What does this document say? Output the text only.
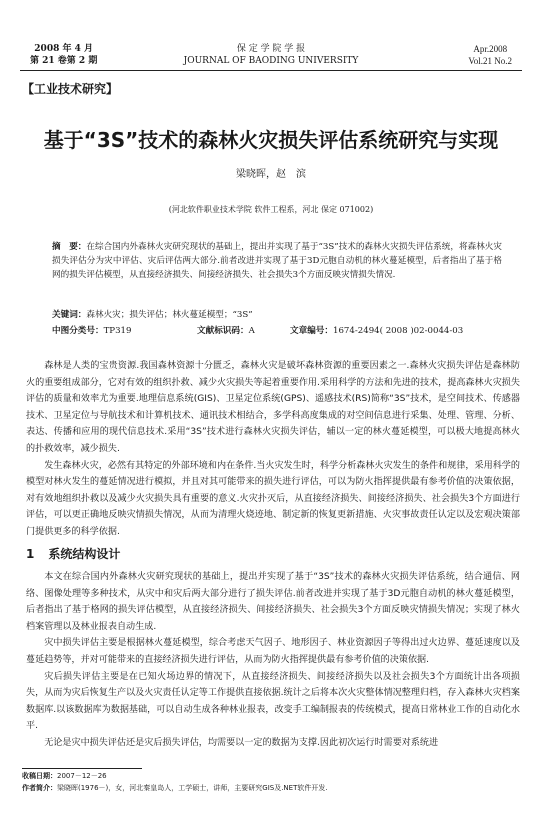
2008 年 4 月
第 21 卷第 2 期
保 定 学 院 学 报
JOURNAL OF BAODING UNIVERSITY
Apr.2008
Vol.21 No.2
【工业技术研究】
基于“3S”技术的森林火灾损失评估系统研究与实现
梁晓晖，赵　滨
(河北软件职业技术学院 软件工程系，河北 保定 071002)
摘　要：在综合国内外森林火灾研究现状的基础上，提出并实现了基于“3S”技术的森林火灾损失评估系统，将森林火灾损失评估分为灾中评估、灾后评估两大部分.前者改进并实现了基于3D元胞自动机的林火蔓延模型，后者指出了基于格网的损失评估模型，从直接经济损失、间接经济损失、社会损失3个方面反映灾情损失情况.
关键词：森林火灾；损失评估；林火蔓延模型；“3S”
中图分类号：TP319	文献标识码：A	文章编号：1674-2494( 2008 )02-0044-03

森林是人类的宝贵资源.我国森林资源十分匮乏，森林火灾是破坏森林资源的重要因素之一.森林火灾损失评估是森林防火的重要组成部分，它对有效的组织扑救、减少火灾损失等起着重要作用.采用科学的方法和先进的技术，提高森林火灾损失评估的质量和效率尤为重要.地理信息系统(GIS)、卫星定位系统(GPS)、遥感技术(RS)简称“3S”技术，是空间技术、传感器技术、卫星定位与导航技术和计算机技术、通讯技术相结合，多学科高度集成的对空间信息进行采集、处理、管理、分析、表达、传播和应用的现代信息技术.采用“3S”技术进行森林火灾损失评估，辅以一定的林火蔓延模型，可以极大地提高林火的扑救效率，减少损失.

发生森林火灾，必然有其特定的外部环境和内在条件.当火灾发生时，科学分析森林火灾发生的条件和规律，采用科学的模型对林火发生的蔓延情况进行模拟，并且对其可能带来的损失进行评估，可以为防火指挥提供最有参考价值的决策依据，对有效地组织扑救以及减少火灾损失具有重要的意义.火灾扑灭后，从直接经济损失、间接经济损失、社会损失3个方面进行评估，可以更正确地反映灾情损失情况，从而为清理火烧迹地、制定新的恢复更新措施、火灾事故责任认定以及宏观决策部门提供更多的科学依据.

1 系统结构设计

本文在综合国内外森林火灾研究现状的基础上，提出并实现了基于“3S”技术的森林火灾损失评估系统，结合通信、网络、图像处理等多种技术，从灾中和灾后两大部分进行了损失评估.前者改进并实现了基于3D元胞自动机的林火蔓延模型，后者指出了基于格网的损失评估模型，从直接经济损失、间接经济损失、社会损失3个方面反映灾情损失情况；实现了林火档案管理以及林业报表自动生成.

灾中损失评估主要是根据林火蔓延模型，综合考虑天气因子、地形因子、林业资源因子等得出过火边界、蔓延速度以及蔓延趋势等，并对可能带来的直接经济损失进行评估，从而为防火指挥提供最有参考价值的决策依据.

灾后损失评估主要是在已知火场边界的情况下，从直接经济损失、间接经济损失以及社会损失3个方面统计出各项损失，从而为灾后恢复生产以及火灾责任认定等工作提供直接依据.统计之后将本次火灾整体情况整理归档，存入森林火灾档案数据库.以该数据库为数据基础，可以自动生成各种林业报表，改变手工编制报表的传统模式，提高日常林业工作的自动化水平.

无论是灾中损失评估还是灾后损失评估，均需要以一定的数据为支撑.因此初次运行时需要对系统进

收稿日期：2007－12－26
作者简介：梁晓晖(1976－)，女，河北秦皇岛人，工学硕士，讲师，主要研究GIS及.NET软件开发.
